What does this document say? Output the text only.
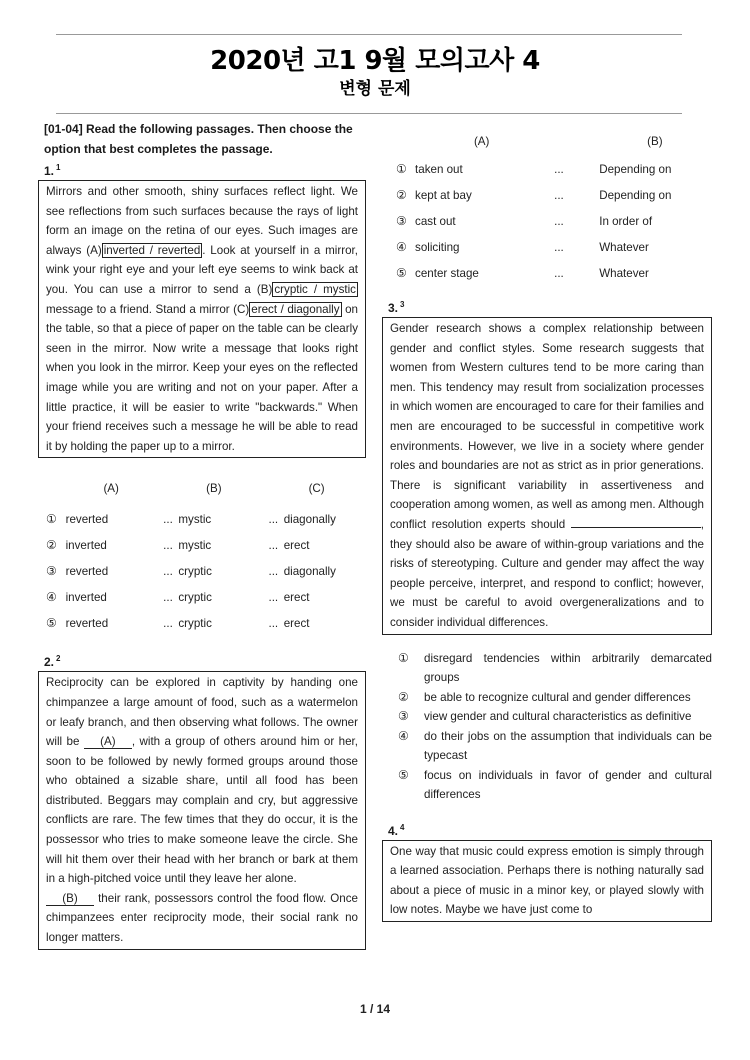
2020년 고1 9월 모의고사 4
변형 문제
[01-04] Read the following passages. Then choose the option that best completes the passage.
1. $^1$
Mirrors and other smooth, shiny surfaces reflect light. We see reflections from such surfaces because the rays of light form an image on the retina of our eyes. Such images are always (A) inverted / reverted . Look at yourself in a mirror, wink your right eye and your left eye seems to wink back at you. You can use a mirror to send a (B) cryptic / mystic message to a friend. Stand a mirror (C) erect / diagonally on the table, so that a piece of paper on the table can be clearly seen in the mirror. Now write a message that looks right when you look in the mirror. Keep your eyes on the reflected image while you are writing and not on your paper. After a little practice, it will be easier to write "backwards." When your friend receives such a message he will be able to read it by holding the paper up to a mirror.
(A)	(B)	(C)
① reverted	... mystic	... diagonally
② inverted	... mystic	... erect
③ reverted	... cryptic	... diagonally
④ inverted	... cryptic	... erect
⑤ reverted	... cryptic	... erect
2. $^2$
Reciprocity can be explored in captivity by handing one chimpanzee a large amount of food, such as a watermelon or leafy branch, and then observing what follows. The owner will be (A) , with a group of others around him or her, soon to be followed by newly formed groups around those who obtained a sizable share, until all food has been distributed. Beggars may complain and cry, but aggressive conflicts are rare. The few times that they do occur, it is the possessor who tries to make someone leave the circle. She will hit them over their head with her branch or bark at them in a high-pitched voice until they leave her alone.
(B) their rank, possessors control the food flow. Once chimpanzees enter reciprocity mode, their social rank no longer matters.
(A)	(B)
① taken out	...	Depending on
② kept at bay	...	Depending on
③ cast out	...	In order of
④ soliciting	...	Whatever
⑤ center stage	...	Whatever
3. $^3$
Gender research shows a complex relationship between gender and conflict styles. Some research suggests that women from Western cultures tend to be more caring than men. This tendency may result from socialization processes in which women are encouraged to care for their families and men are encouraged to be successful in competitive work environments. However, we live in a society where gender roles and boundaries are not as strict as in prior generations. There is significant variability in assertiveness and cooperation among women, as well as among men. Although conflict resolution experts should	, they should also be aware of within-group variations and the risks of stereotyping. Culture and gender may affect the way people perceive, interpret, and respond to conflict; however, we must be careful to avoid overgeneralizations and to consider individual differences.
①	disregard tendencies within arbitrarily demarcated groups
②	be able to recognize cultural and gender differences
③	view gender and cultural characteristics as definitive
④	do their jobs on the assumption that individuals can be typecast
⑤	focus on individuals in favor of gender and cultural differences
4. $^4$
One way that music could express emotion is simply through a learned association. Perhaps there is nothing naturally sad about a piece of music in a minor key, or played slowly with low notes. Maybe we have just come to
1 / 14
